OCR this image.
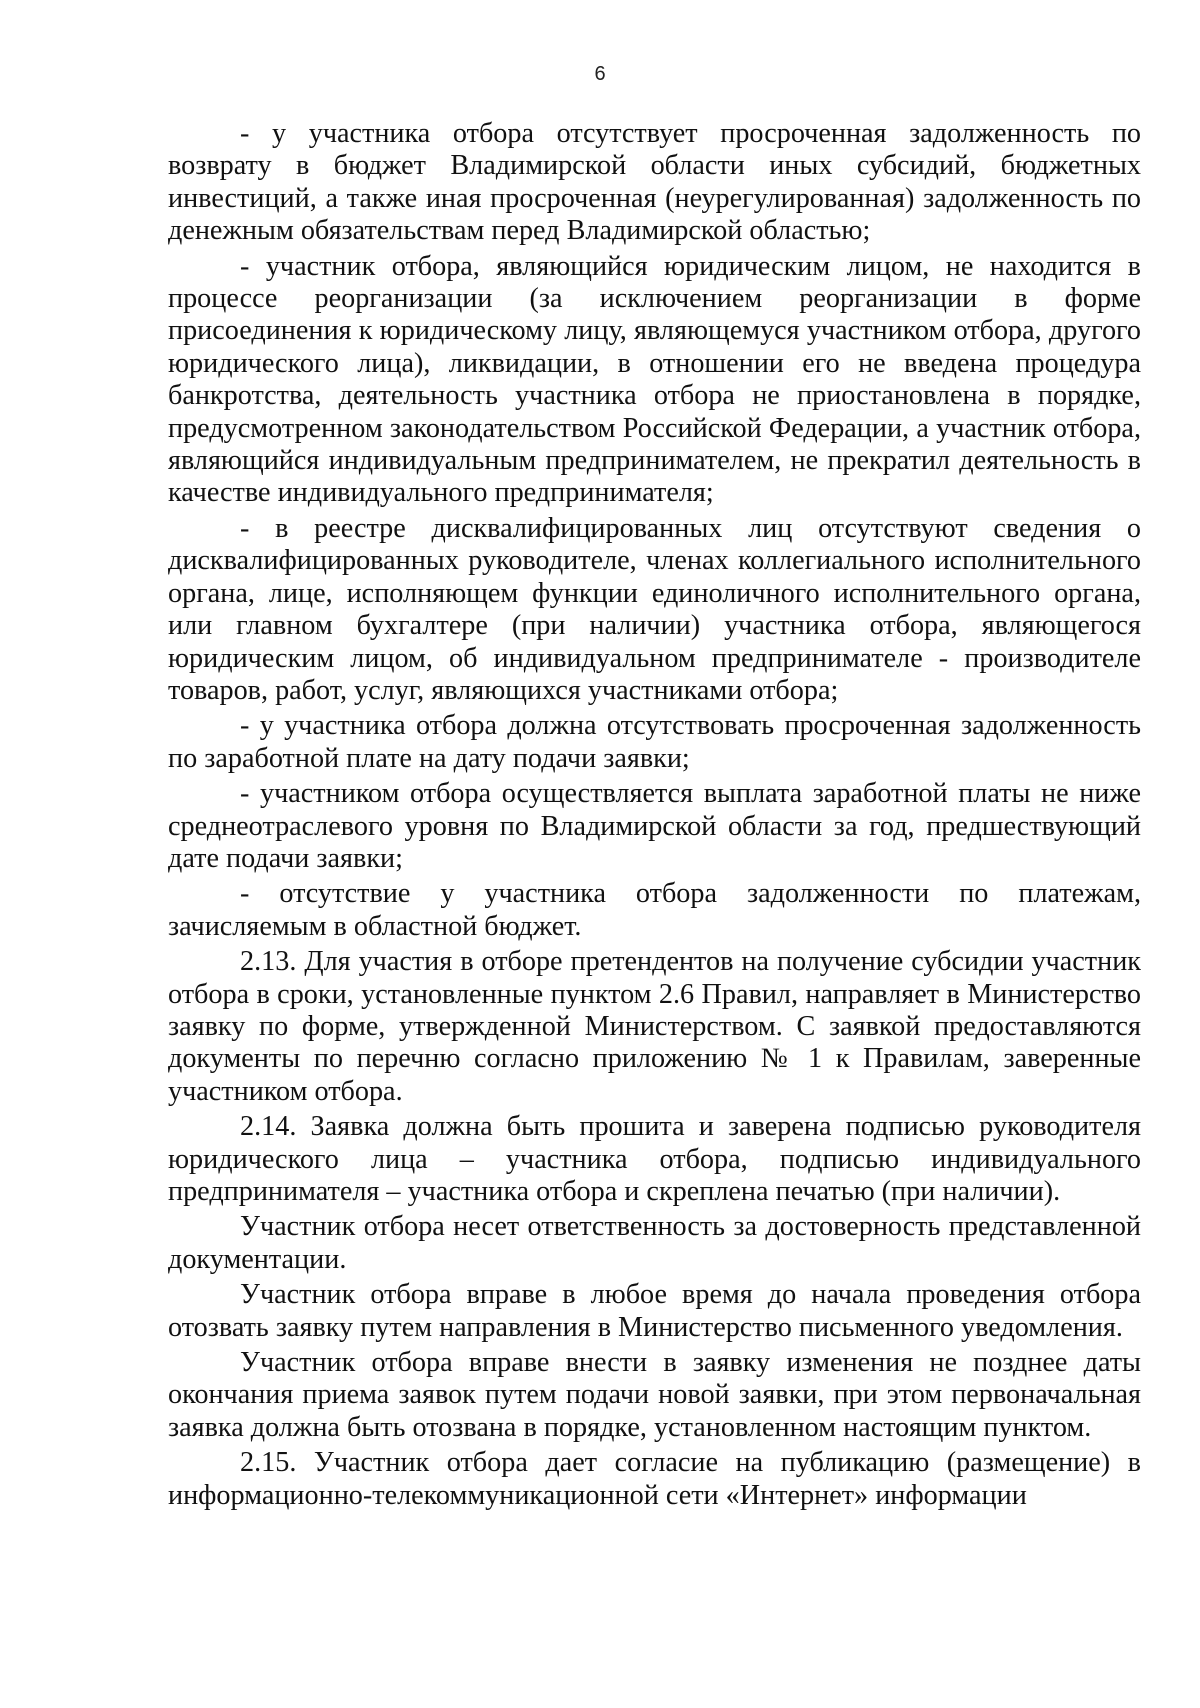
6

- у участника отбора отсутствует просроченная задолженность по возврату в бюджет Владимирской области иных субсидий, бюджетных инвестиций, а также иная просроченная (неурегулированная) задолженность по денежным обязательствам перед Владимирской областью;

- участник отбора, являющийся юридическим лицом, не находится в процессе реорганизации (за исключением реорганизации в форме присоединения к юридическому лицу, являющемуся участником отбора, другого юридического лица), ликвидации, в отношении его не введена процедура банкротства, деятельность участника отбора не приостановлена в порядке, предусмотренном законодательством Российской Федерации, а участник отбора, являющийся индивидуальным предпринимателем, не прекратил деятельность в качестве индивидуального предпринимателя;

- в реестре дисквалифицированных лиц отсутствуют сведения о дисквалифицированных руководителе, членах коллегиального исполнительного органа, лице, исполняющем функции единоличного исполнительного органа, или главном бухгалтере (при наличии) участника отбора, являющегося юридическим лицом, об индивидуальном предпринимателе - производителе товаров, работ, услуг, являющихся участниками отбора;

- у участника отбора должна отсутствовать просроченная задолженность по заработной плате на дату подачи заявки;

- участником отбора осуществляется выплата заработной платы не ниже среднеотраслевого уровня по Владимирской области за год, предшествующий дате подачи заявки;

- отсутствие у участника отбора задолженности по платежам, зачисляемым в областной бюджет.

2.13. Для участия в отборе претендентов на получение субсидии участник отбора в сроки, установленные пунктом 2.6 Правил, направляет в Министерство заявку по форме, утвержденной Министерством. С заявкой предоставляются документы по перечню согласно приложению № 1 к Правилам, заверенные участником отбора.

2.14. Заявка должна быть прошита и заверена подписью руководителя юридического лица – участника отбора, подписью индивидуального предпринимателя – участника отбора и скреплена печатью (при наличии).

Участник отбора несет ответственность за достоверность представленной документации.

Участник отбора вправе в любое время до начала проведения отбора отозвать заявку путем направления в Министерство письменного уведомления.

Участник отбора вправе внести в заявку изменения не позднее даты окончания приема заявок путем подачи новой заявки, при этом первоначальная заявка должна быть отозвана в порядке, установленном настоящим пунктом.

2.15. Участник отбора дает согласие на публикацию (размещение) в информационно-телекоммуникационной сети «Интернет» информации
